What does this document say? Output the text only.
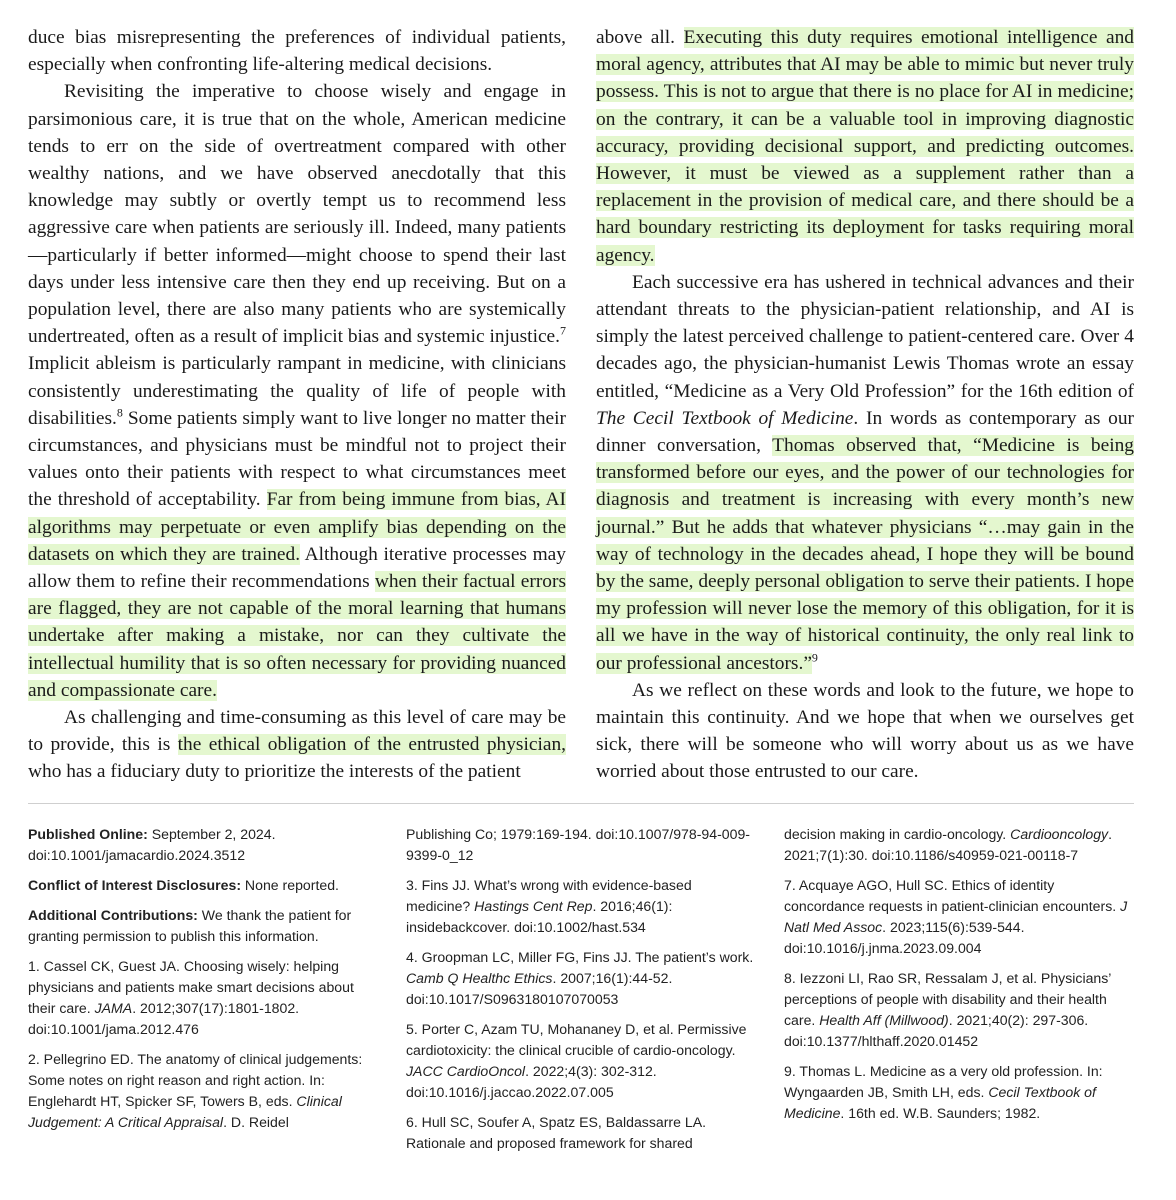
duce bias misrepresenting the preferences of individual patients, especially when confronting life-altering medical decisions.

Revisiting the imperative to choose wisely and engage in parsimonious care, it is true that on the whole, American medicine tends to err on the side of overtreatment compared with other wealthy nations, and we have observed anecdotally that this knowledge may subtly or overtly tempt us to recommend less aggressive care when patients are seriously ill. Indeed, many patients—particularly if better informed—might choose to spend their last days under less intensive care then they end up receiving. But on a population level, there are also many patients who are systemically undertreated, often as a result of implicit bias and systemic injustice.$^7$ Implicit ableism is particularly rampant in medicine, with clinicians consistently underestimating the quality of life of people with disabilities.$^8$ Some patients simply want to live longer no matter their circumstances, and physicians must be mindful not to project their values onto their patients with respect to what circumstances meet the threshold of acceptability. Far from being immune from bias, AI algorithms may perpetuate or even amplify bias depending on the datasets on which they are trained. Although iterative processes may allow them to refine their recommendations when their factual errors are flagged, they are not capable of the moral learning that humans undertake after making a mistake, nor can they cultivate the intellectual humility that is so often necessary for providing nuanced and compassionate care.

As challenging and time-consuming as this level of care may be to provide, this is the ethical obligation of the entrusted physician, who has a fiduciary duty to prioritize the interests of the patient

above all. Executing this duty requires emotional intelligence and moral agency, attributes that AI may be able to mimic but never truly possess. This is not to argue that there is no place for AI in medicine; on the contrary, it can be a valuable tool in improving diagnostic accuracy, providing decisional support, and predicting outcomes. However, it must be viewed as a supplement rather than a replacement in the provision of medical care, and there should be a hard boundary restricting its deployment for tasks requiring moral agency.

Each successive era has ushered in technical advances and their attendant threats to the physician-patient relationship, and AI is simply the latest perceived challenge to patient-centered care. Over 4 decades ago, the physician-humanist Lewis Thomas wrote an essay entitled, “Medicine as a Very Old Profession” for the 16th edition of The Cecil Textbook of Medicine. In words as contemporary as our dinner conversation, Thomas observed that, “Medicine is being transformed before our eyes, and the power of our technologies for diagnosis and treatment is increasing with every month’s new journal.” But he adds that whatever physicians “…may gain in the way of technology in the decades ahead, I hope they will be bound by the same, deeply personal obligation to serve their patients. I hope my profession will never lose the memory of this obligation, for it is all we have in the way of historical continuity, the only real link to our professional ancestors.”$^9$

As we reflect on these words and look to the future, we hope to maintain this continuity. And we hope that when we ourselves get sick, there will be someone who will worry about us as we have worried about those entrusted to our care.

Published Online: September 2, 2024. doi:10.1001/jamacardio.2024.3512
Conflict of Interest Disclosures: None reported.
Additional Contributions: We thank the patient for granting permission to publish this information.
1. Cassel CK, Guest JA. Choosing wisely: helping physicians and patients make smart decisions about their care. JAMA. 2012;307(17):1801-1802. doi:10.1001/jama.2012.476
2. Pellegrino ED. The anatomy of clinical judgements: Some notes on right reason and right action. In: Englehardt HT, Spicker SF, Towers B, eds. Clinical Judgement: A Critical Appraisal. D. Reidel
Publishing Co; 1979:169-194. doi:10.1007/978-94-009-9399-0_12
3. Fins JJ. What’s wrong with evidence-based medicine? Hastings Cent Rep. 2016;46(1): insidebackcover. doi:10.1002/hast.534
4. Groopman LC, Miller FG, Fins JJ. The patient’s work. Camb Q Healthc Ethics. 2007;16(1):44-52. doi:10.1017/S0963180107070053
5. Porter C, Azam TU, Mohananey D, et al. Permissive cardiotoxicity: the clinical crucible of cardio-oncology. JACC CardioOncol. 2022;4(3): 302-312. doi:10.1016/j.jaccao.2022.07.005
6. Hull SC, Soufer A, Spatz ES, Baldassarre LA. Rationale and proposed framework for shared
decision making in cardio-oncology. Cardiooncology. 2021;7(1):30. doi:10.1186/s40959-021-00118-7
7. Acquaye AGO, Hull SC. Ethics of identity concordance requests in patient-clinician encounters. J Natl Med Assoc. 2023;115(6):539-544. doi:10.1016/j.jnma.2023.09.004
8. Iezzoni LI, Rao SR, Ressalam J, et al. Physicians’ perceptions of people with disability and their health care. Health Aff (Millwood). 2021;40(2): 297-306. doi:10.1377/hlthaff.2020.01452
9. Thomas L. Medicine as a very old profession. In: Wyngaarden JB, Smith LH, eds. Cecil Textbook of Medicine. 16th ed. W.B. Saunders; 1982.
